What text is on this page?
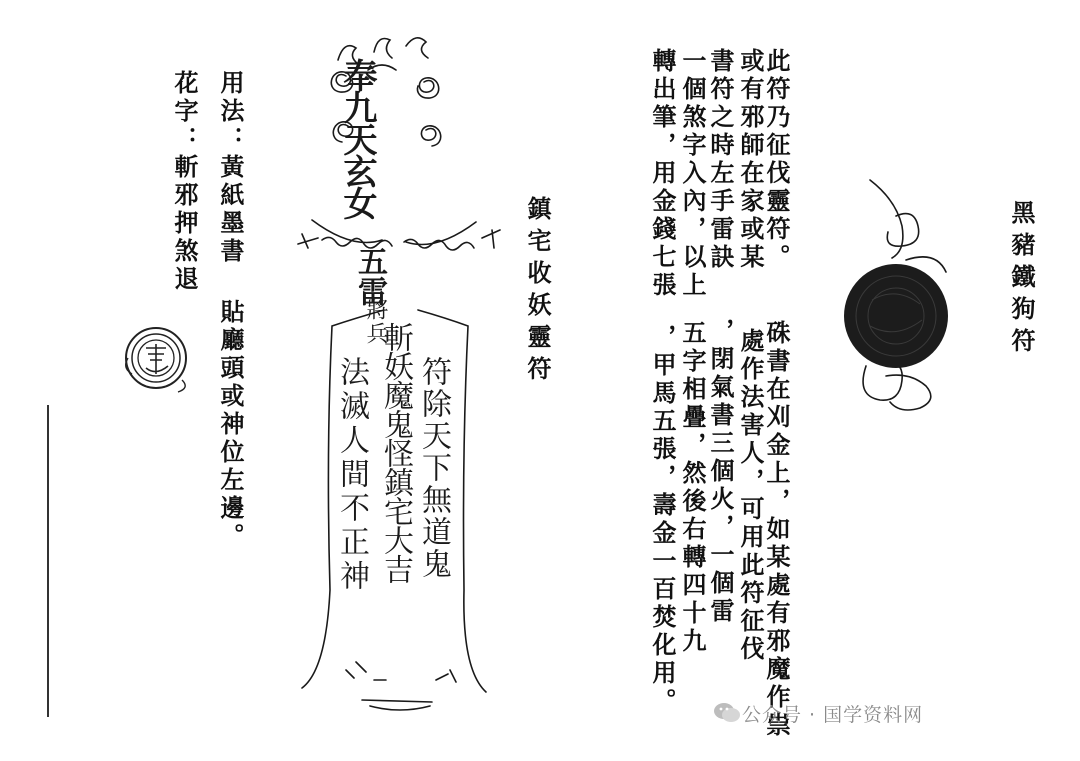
用法：黃紙墨書 貼廳頭或神位左邊。
花字：斬邪押煞退	奉九天玄女
五雷
將兵
符除天下無道鬼
斬妖魔鬼怪鎮宅大吉
法滅人間不正神
鎮宅收妖靈符
此符乃征伐靈符。
硃書在刈金上，如某處有邪魔作祟
或有邪師在家或某
處作法害人，可用此符征伐
書符之時左手雷訣
，閉氣書三個火，一個雷
一個煞字入內，以上
五字相疊，然後右轉四十九
轉出筆，用金錢七張
，甲馬五張，壽金一百焚化用。
黑豬鐵狗符
公众号 · 国学资料网
